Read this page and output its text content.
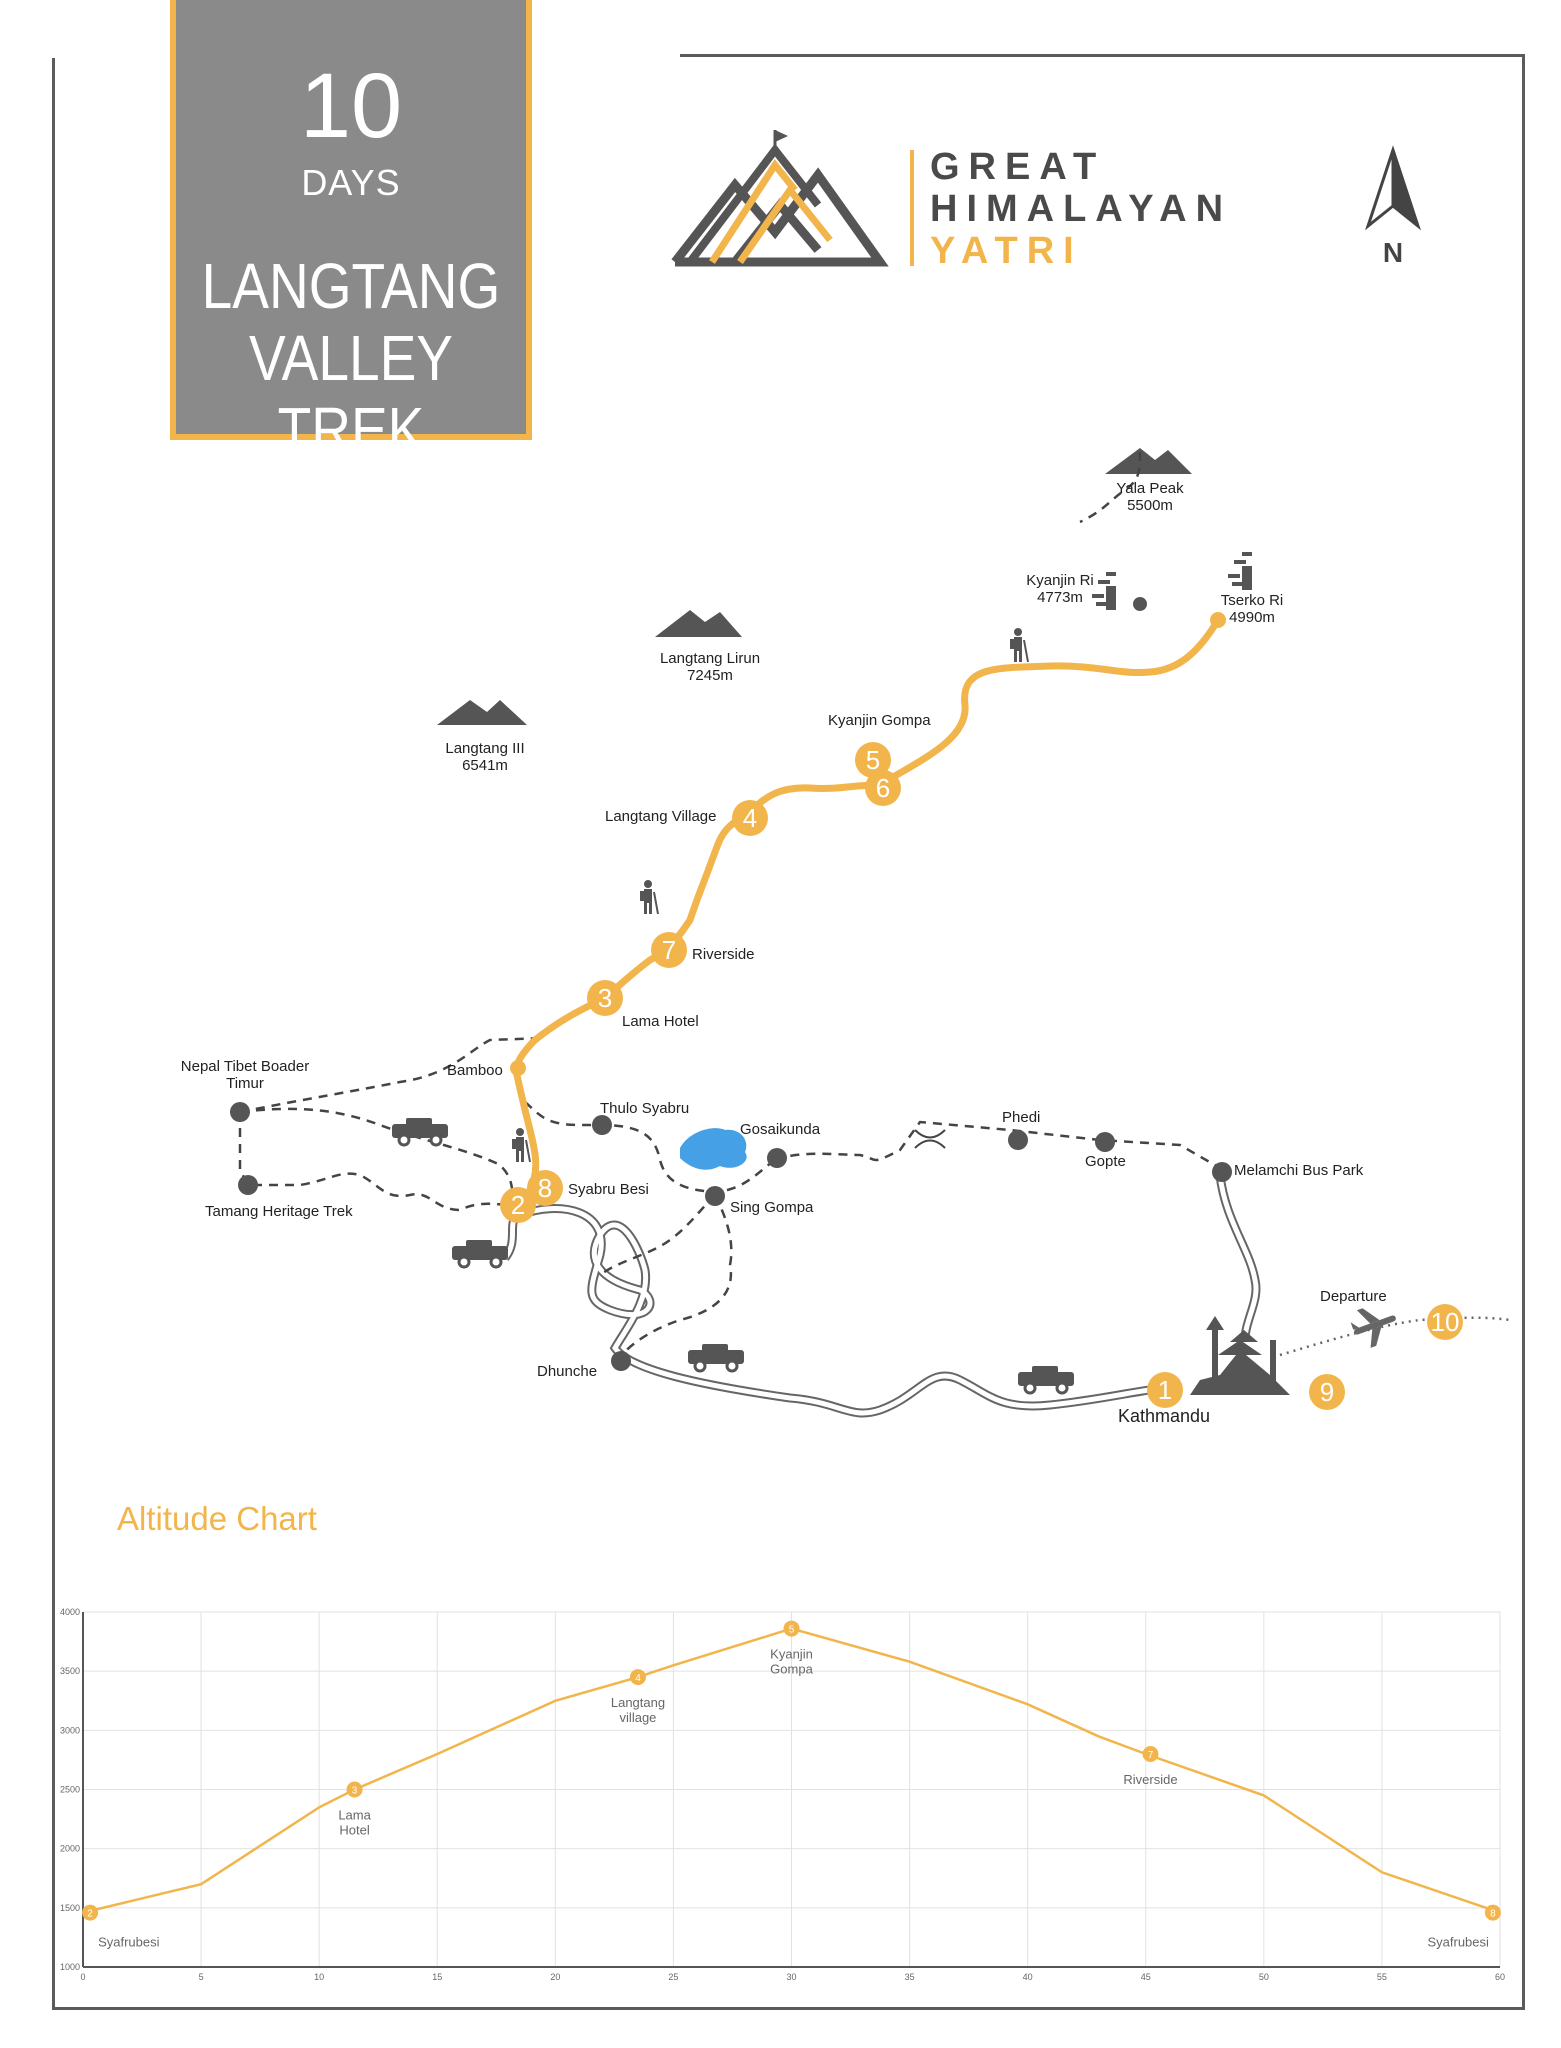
10
DAYS
LANGTANG
VALLEY TREK
GREAT
HIMALAYAN
YATRI	N
1
2
3
4
5
6
7
8
9
10
Yala Peak
5500m
Langtang Lirun
7245m
Langtang III
6541m
Kyanjin Ri
4773m	Tserko Ri
4990m
Kyanjin Gompa
Langtang Village
Riverside
Lama Hotel
Bamboo
Nepal Tibet Boader
Timur
Thulo Syabru
Gosaikunda
Phedi
Gopte
Melamchi Bus Park
Syabru Besi
Sing Gompa
Tamang Heritage Trek
Dhunche
Departure
Kathmandu
Altitude Chart
0	5	10	15	20	25	30	35	40	45	50	55	60
1000
1500
2000
2500
3000
3500
4000
2
Syafrubesi
3
Lama
Hotel
4
Langtang
village
5
Kyanjin
Gompa
7
Riverside
8
Syafrubesi
